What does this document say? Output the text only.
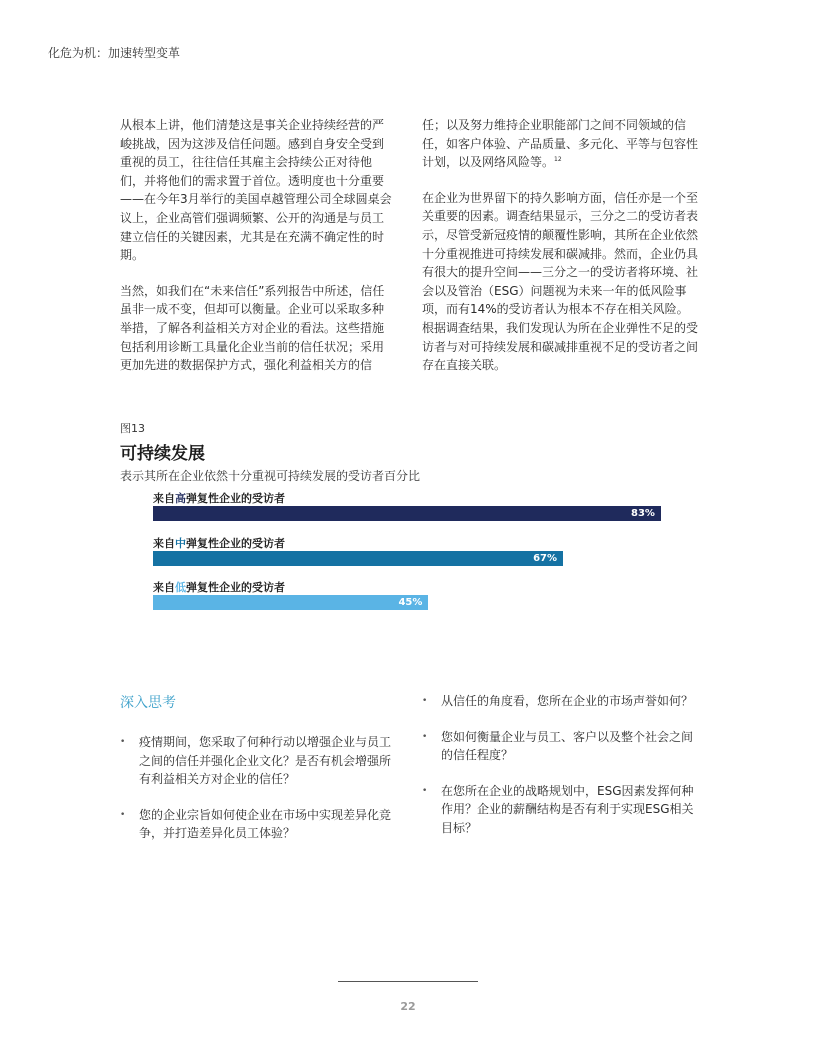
化危为机：加速转型变革

从根本上讲，他们清楚这是事关企业持续经营的严峻挑战，因为这涉及信任问题。感到自身安全受到重视的员工，往往信任其雇主会持续公正对待他们，并将他们的需求置于首位。透明度也十分重要——在今年3月举行的美国卓越管理公司全球圆桌会议上，企业高管们强调频繁、公开的沟通是与员工建立信任的关键因素，尤其是在充满不确定性的时期。

当然，如我们在“未来信任”系列报告中所述，信任虽非一成不变，但却可以衡量。企业可以采取多种举措，了解各利益相关方对企业的看法。这些措施包括利用诊断工具量化企业当前的信任状况；采用更加先进的数据保护方式，强化利益相关方的信

任；以及努力维持企业职能部门之间不同领域的信任，如客户体验、产品质量、多元化、平等与包容性计划，以及网络风险等。$^{12}$

在企业为世界留下的持久影响方面，信任亦是一个至关重要的因素。调查结果显示，三分之二的受访者表示，尽管受新冠疫情的颠覆性影响，其所在企业依然十分重视推进可持续发展和碳减排。然而，企业仍具有很大的提升空间——三分之一的受访者将环境、社会以及管治（ESG）问题视为未来一年的低风险事项，而有14%的受访者认为根本不存在相关风险。根据调查结果，我们发现认为所在企业弹性不足的受访者与对可持续发展和碳减排重视不足的受访者之间存在直接关联。

图13
可持续发展
表示其所在企业依然十分重视可持续发展的受访者百分比
来自高弹复性企业的受访者
83%
来自中弹复性企业的受访者
67%
来自低弹复性企业的受访者
45%
深入思考
• 疫情期间，您采取了何种行动以增强企业与员工之间的信任并强化企业文化？是否有机会增强所有利益相关方对企业的信任？
• 您的企业宗旨如何使企业在市场中实现差异化竞争，并打造差异化员工体验？
• 从信任的角度看，您所在企业的市场声誉如何？
• 您如何衡量企业与员工、客户以及整个社会之间的信任程度？
• 在您所在企业的战略规划中，ESG因素发挥何种作用？企业的薪酬结构是否有利于实现ESG相关目标？
22
